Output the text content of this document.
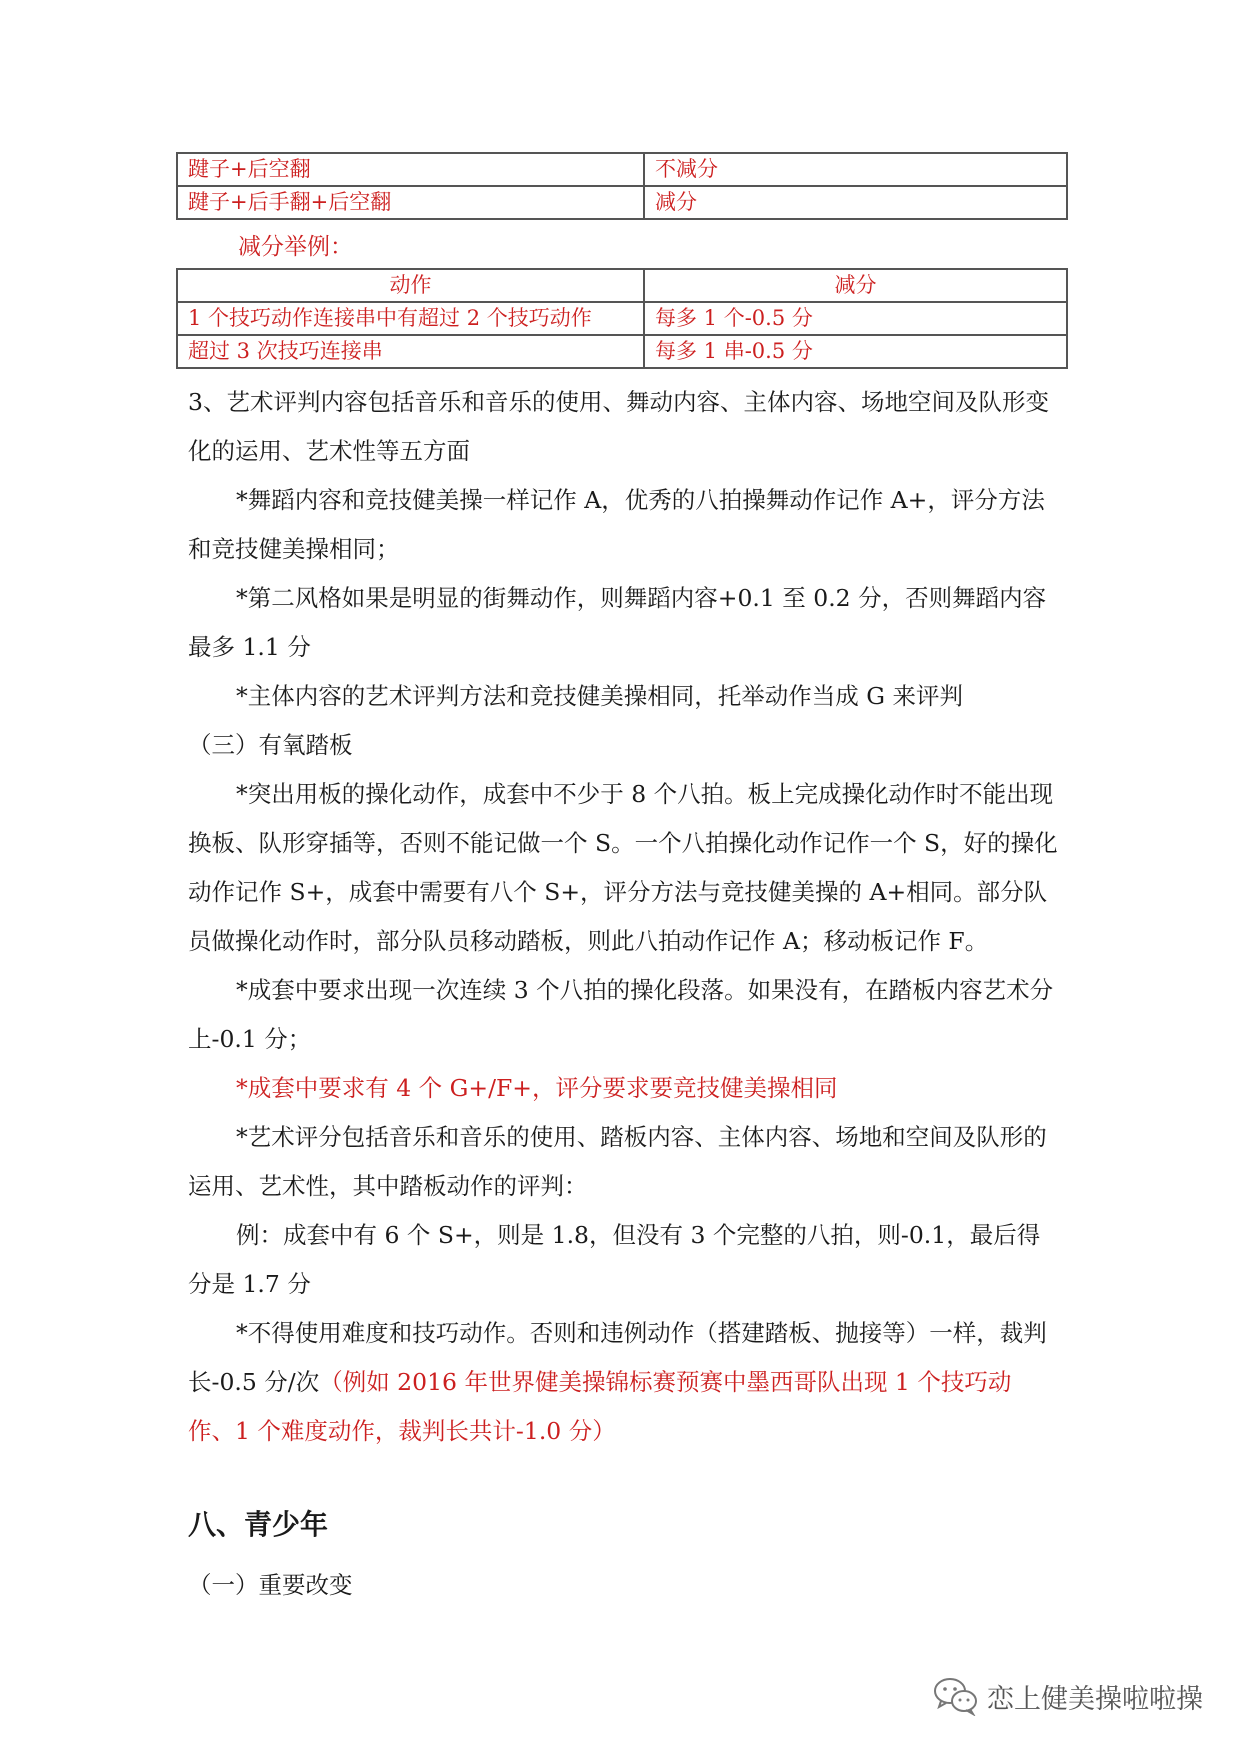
踺子+后空翻	不减分
踺子+后手翻+后空翻	减分

减分举例：

动作	减分
1 个技巧动作连接串中有超过 2 个技巧动作	每多 1 个-0.5 分
超过 3 次技巧连接串	每多 1 串-0.5 分

3、艺术评判内容包括音乐和音乐的使用、舞动内容、主体内容、场地空间及队形变化的运用、艺术性等五方面

*舞蹈内容和竞技健美操一样记作 A，优秀的八拍操舞动作记作 A+，评分方法和竞技健美操相同；

*第二风格如果是明显的街舞动作，则舞蹈内容+0.1 至 0.2 分，否则舞蹈内容最多 1.1 分

*主体内容的艺术评判方法和竞技健美操相同，托举动作当成 G 来评判

（三）有氧踏板

*突出用板的操化动作，成套中不少于 8 个八拍。板上完成操化动作时不能出现换板、队形穿插等，否则不能记做一个 S。一个八拍操化动作记作一个 S，好的操化动作记作 S+，成套中需要有八个 S+，评分方法与竞技健美操的 A+相同。部分队员做操化动作时，部分队员移动踏板，则此八拍动作记作 A；移动板记作 F。

*成套中要求出现一次连续 3 个八拍的操化段落。如果没有，在踏板内容艺术分上-0.1 分；

*成套中要求有 4 个 G+/F+，评分要求要竞技健美操相同

*艺术评分包括音乐和音乐的使用、踏板内容、主体内容、场地和空间及队形的运用、艺术性，其中踏板动作的评判：

例：成套中有 6 个 S+，则是 1.8，但没有 3 个完整的八拍，则-0.1，最后得分是 1.7 分

*不得使用难度和技巧动作。否则和违例动作（搭建踏板、抛接等）一样，裁判长-0.5 分/次（例如 2016 年世界健美操锦标赛预赛中墨西哥队出现 1 个技巧动作、1 个难度动作，裁判长共计-1.0 分）

八、青少年

（一）重要改变

恋上健美操啦啦操
